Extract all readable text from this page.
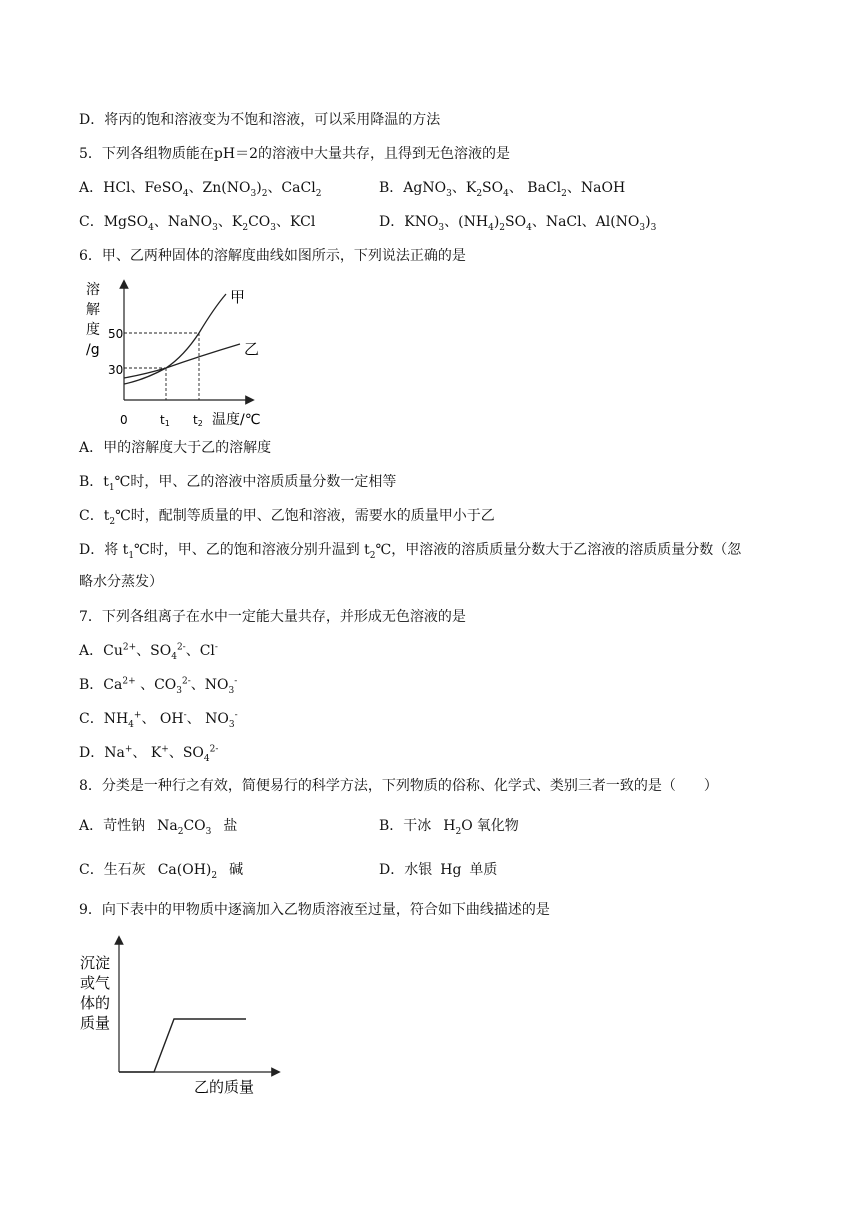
D．将丙的饱和溶液变为不饱和溶液，可以采用降温的方法
5．下列各组物质能在pH＝2的溶液中大量共存，且得到无色溶液的是
A．HCl、FeSO$_4$、$Zn(NO_3)_2$、CaCl$_2$	B．AgNO$_3$、$K_2SO_4$、 BaCl$_2$、NaOH
C．MgSO$_4$、NaNO$_3$、$K_2CO_3$、KCl	D．$KNO_3$、$(NH_4)_2SO_4$、NaCl、$Al(NO_3)_3$
6．甲、乙两种固体的溶解度曲线如图所示，下列说法正确的是
溶
解
度
/g
50
30
甲
乙
0	t1 t2 温度/℃
A．甲的溶解度大于乙的溶解度
B．$t_1℃$时，甲、乙的溶液中溶质质量分数一定相等
C．$t_2℃$时，配制等质量的甲、乙饱和溶液，需要水的质量甲小于乙
D．将 $t_1℃$时，甲、乙的饱和溶液分别升温到 $t_2℃$，甲溶液的溶质质量分数大于乙溶液的溶质质量分数（忽
略水分蒸发）
7．下列各组离子在水中一定能大量共存，并形成无色溶液的是
A．$Cu^{2+}$、$SO_4^{2-}$、Cl-
B．$Ca^{2+}$ 、$CO_3^{2-}$、$NO_3^-$
C．$NH_4^+$、 OH-、 $NO_3^-$
D．Na+、 K+、$SO_4^{2-}$
8．分类是一种行之有效，简便易行的科学方法，下列物质的俗称、化学式、类别三者一致的是（　　）
A．苛性钠 $Na_2CO_3$ 盐	B．干冰 $H_2O$ 氧化物
C．生石灰 $Ca(OH)_2$ 碱	D．水银 Hg 单质
9．向下表中的甲物质中逐滴加入乙物质溶液至过量，符合如下曲线描述的是
沉淀
或气
体的
质量
乙的质量
